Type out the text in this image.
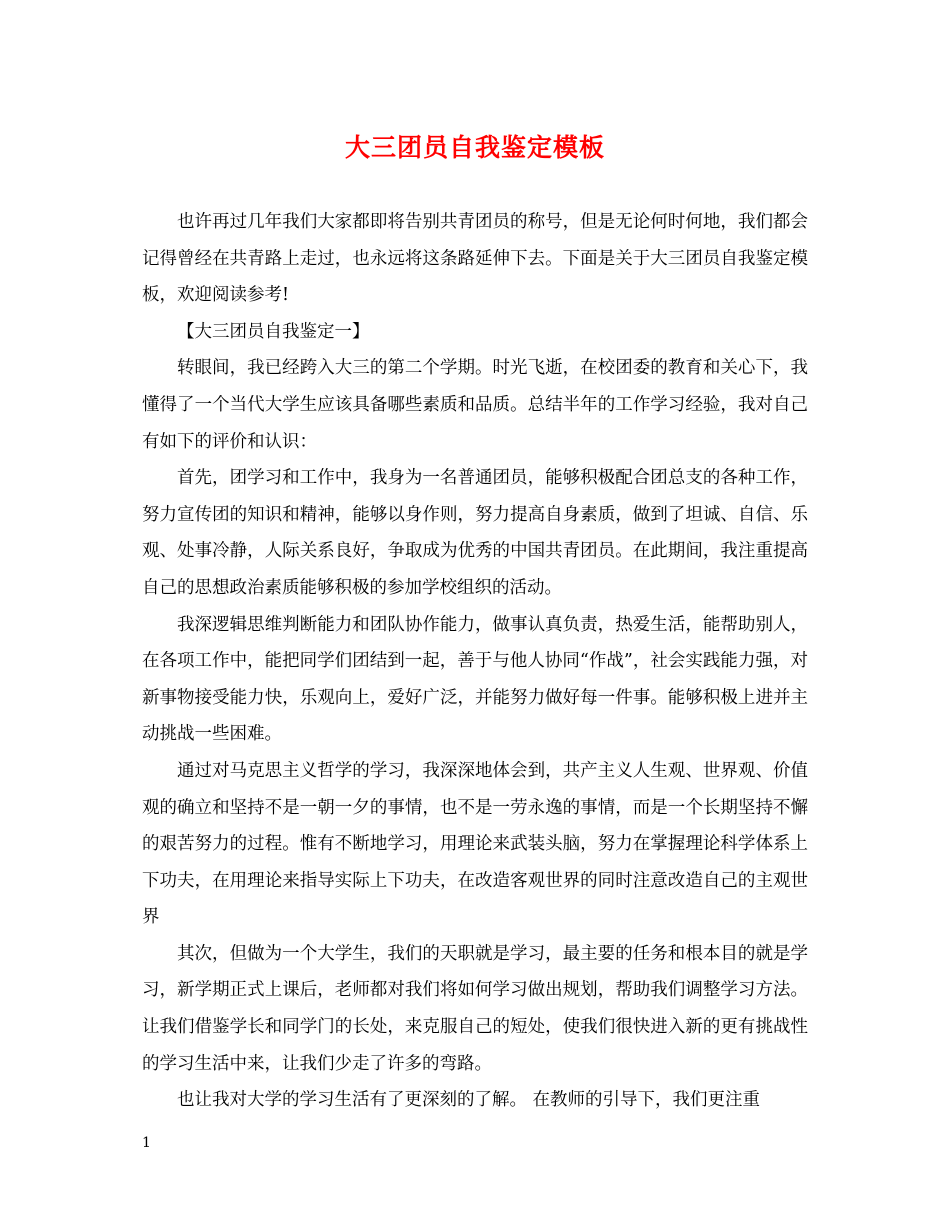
大三团员自我鉴定模板

也许再过几年我们大家都即将告别共青团员的称号，但是无论何时何地，我们都会记得曾经在共青路上走过，也永远将这条路延伸下去。下面是关于大三团员自我鉴定模板，欢迎阅读参考!

【大三团员自我鉴定一】

转眼间，我已经跨入大三的第二个学期。时光飞逝，在校团委的教育和关心下，我懂得了一个当代大学生应该具备哪些素质和品质。总结半年的工作学习经验，我对自己有如下的评价和认识：

首先，团学习和工作中，我身为一名普通团员，能够积极配合团总支的各种工作，努力宣传团的知识和精神，能够以身作则，努力提高自身素质，做到了坦诚、自信、乐观、处事冷静，人际关系良好，争取成为优秀的中国共青团员。在此期间，我注重提高自己的思想政治素质能够积极的参加学校组织的活动。

我深逻辑思维判断能力和团队协作能力，做事认真负责，热爱生活，能帮助别人，在各项工作中，能把同学们团结到一起，善于与他人协同“作战”，社会实践能力强，对新事物接受能力快，乐观向上，爱好广泛，并能努力做好每一件事。能够积极上进并主动挑战一些困难。

通过对马克思主义哲学的学习，我深深地体会到，共产主义人生观、世界观、价值观的确立和坚持不是一朝一夕的事情，也不是一劳永逸的事情，而是一个长期坚持不懈的艰苦努力的过程。惟有不断地学习，用理论来武装头脑，努力在掌握理论科学体系上下功夫，在用理论来指导实际上下功夫，在改造客观世界的同时注意改造自己的主观世界

其次，但做为一个大学生，我们的天职就是学习，最主要的任务和根本目的就是学习，新学期正式上课后，老师都对我们将如何学习做出规划，帮助我们调整学习方法。让我们借鉴学长和同学门的长处，来克服自己的短处，使我们很快进入新的更有挑战性的学习生活中来，让我们少走了许多的弯路。

也让我对大学的学习生活有了更深刻的了解。 在教师的引导下，我们更注重

1
